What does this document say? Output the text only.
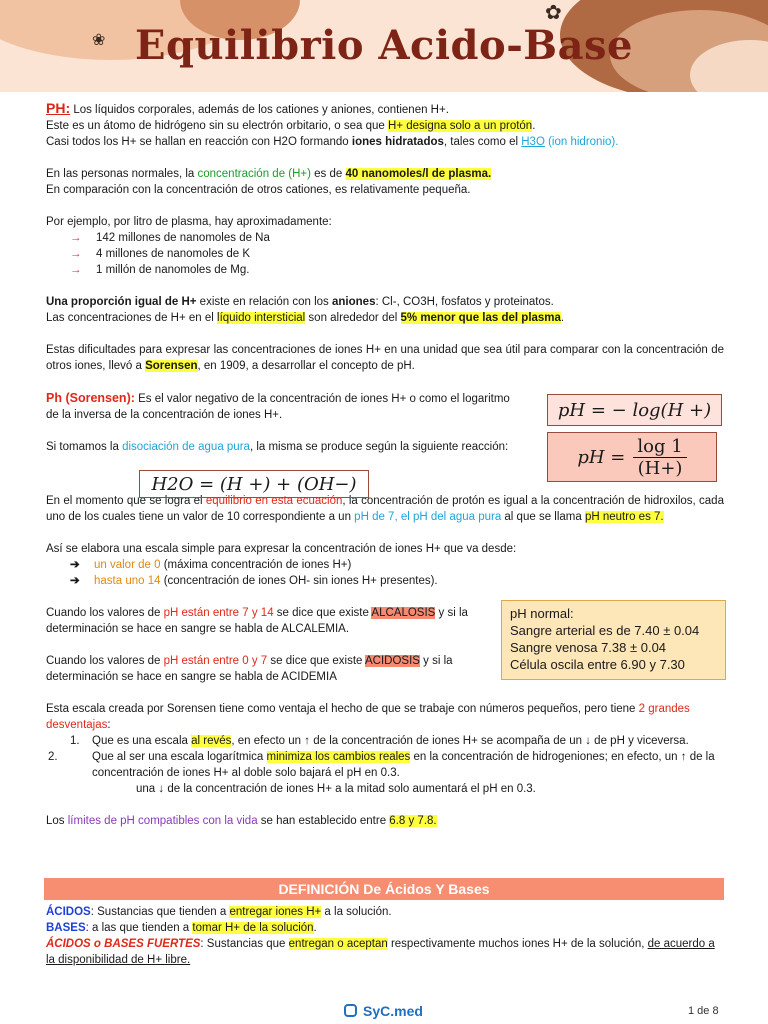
✿
❀ Equilibrio Acido-Base

PH: Los líquidos corporales, además de los cationes y aniones, contienen H+.

Este es un átomo de hidrógeno sin su electrón orbitario, o sea que H+ designa solo a un protón.

Casi todos los H+ se hallan en reacción con H2O formando iones hidratados, tales como el H3O (ion hidronio).

En las personas normales, la concentración de (H+) es de 40 nanomoles/l de plasma.

En comparación con la concentración de otros cationes, es relativamente pequeña.

Por ejemplo, por litro de plasma, hay aproximadamente:

→ 142 millones de nanomoles de Na

→ 4 millones de nanomoles de K

→ 1 millón de nanomoles de Mg.

Una proporción igual de H+ existe en relación con los aniones: Cl-, CO3H, fosfatos y proteinatos.

Las concentraciones de H+ en el líquido intersticial son alrededor del 5% menor que las del plasma.

Estas dificultades para expresar las concentraciones de iones H+ en una unidad que sea útil para comparar con la concentración de otros iones, llevó a Sorensen, en 1909, a desarrollar el concepto de pH.

Ph (Sorensen): Es el valor negativo de la concentración de iones H+ o como el logaritmo de la inversa de la concentración de iones H+.

Si tomamos la disociación de agua pura, la misma se produce según la siguiente reacción:

En el momento que se logra el equilibrio en esta ecuación, la concentración de protón es igual a la concentración de hidroxilos, cada uno de los cuales tiene un valor de 10 correspondiente a un pH de 7, el pH del agua pura al que se llama pH neutro es 7.

Así se elabora una escala simple para expresar la concentración de iones H+ que va desde:

➔ un valor de 0 (máxima concentración de iones H+)

➔ hasta uno 14 (concentración de iones OH- sin iones H+ presentes).

Cuando los valores de pH están entre 7 y 14 se dice que existe ALCALOSIS y si la determinación se hace en sangre se habla de ALCALEMIA.

Cuando los valores de pH están entre 0 y 7 se dice que existe ACIDOSIS y si la determinación se hace en sangre se habla de ACIDEMIA

Esta escala creada por Sorensen tiene como ventaja el hecho de que se trabaje con números pequeños, pero tiene 2 grandes desventajas:

1. Que es una escala al revés, en efecto un ↑ de la concentración de iones H+ se acompaña de un ↓ de pH y viceversa.

2.	Que al ser una escala logarítmica minimiza los cambios reales en la concentración de hidrogeniones; en efecto, un ↑ de la concentración de iones H+ al doble solo bajará el pH en 0.3.

una ↓ de la concentración de iones H+ a la mitad solo aumentará el pH en 0.3.

Los límites de pH compatibles con la vida se han establecido entre 6.8 y 7.8.

pH = − log(H +)
pH = $\frac{\log 1}{(H+)}$
H2O = (H +) + (OH−)
pH normal:
Sangre arterial es de 7.40 ± 0.04
Sangre venosa 7.38 ± 0.04
Célula oscila entre 6.90 y 7.30
DEFINICIÓN De Ácidos Y Bases

ÁCIDOS: Sustancias que tienden a entregar iones H+ a la solución.

BASES: a las que tienden a tomar H+ de la solución.

ÁCIDOS o BASES FUERTES: Sustancias que entregan o aceptan respectivamente muchos iones H+ de la solución, de acuerdo a la disponibilidad de H+ libre.

SyC.med	1 de 8
